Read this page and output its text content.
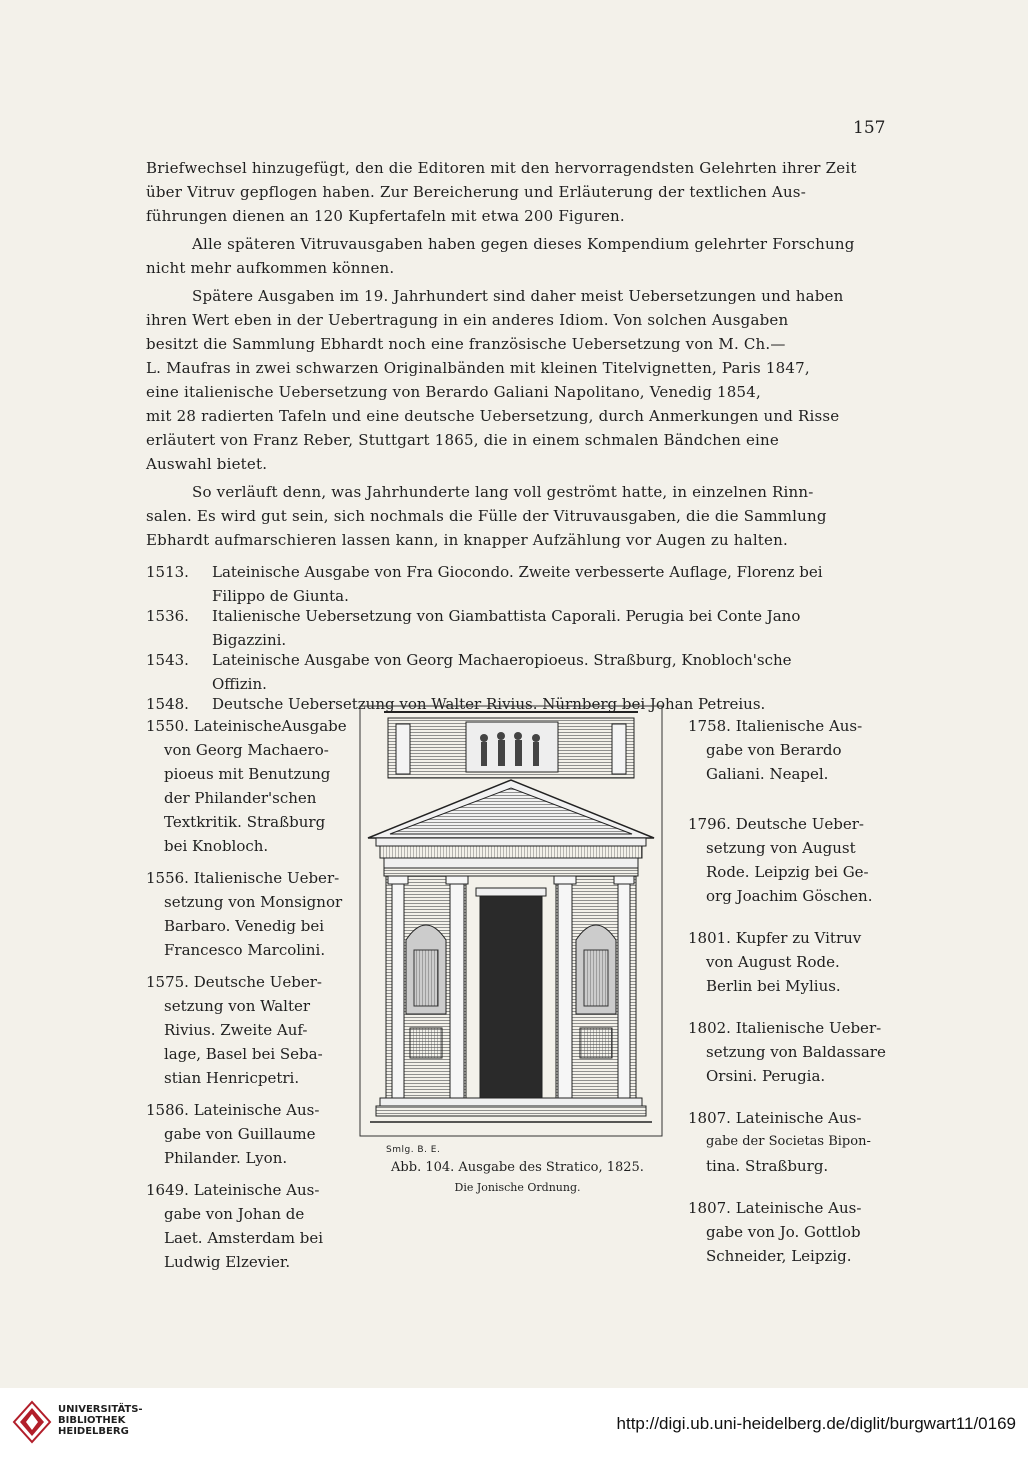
157
Briefwechsel hinzugefügt, den die Editoren mit den hervorragendsten Gelehrten ihrer Zeit
über Vitruv gepflogen haben. Zur Bereicherung und Erläuterung der textlichen Aus-
führungen dienen an 120 Kupfertafeln mit etwa 200 Figuren.
Alle späteren Vitruvausgaben haben gegen dieses Kompendium gelehrter Forschung
nicht mehr aufkommen können.
Spätere Ausgaben im 19. Jahrhundert sind daher meist Uebersetzungen und haben
ihren Wert eben in der Uebertragung in ein anderes Idiom. Von solchen Ausgaben
besitzt die Sammlung Ebhardt noch eine französische Uebersetzung von M. Ch.—
L. Maufras in zwei schwarzen Originalbänden mit kleinen Titelvignetten, Paris 1847,
eine italienische Uebersetzung von Berardo Galiani Napolitano, Venedig 1854,
mit 28 radierten Tafeln und eine deutsche Uebersetzung, durch Anmerkungen und Risse
erläutert von Franz Reber, Stuttgart 1865, die in einem schmalen Bändchen eine
Auswahl bietet.
So verläuft denn, was Jahrhunderte lang voll geströmt hatte, in einzelnen Rinn-
salen. Es wird gut sein, sich nochmals die Fülle der Vitruvausgaben, die die Sammlung
Ebhardt aufmarschieren lassen kann, in knapper Aufzählung vor Augen zu halten.
1513. Lateinische Ausgabe von Fra Giocondo. Zweite verbesserte Auflage, Florenz bei
Filippo de Giunta.
1536. Italienische Uebersetzung von Giambattista Caporali. Perugia bei Conte Jano
Bigazzini.
1543. Lateinische Ausgabe von Georg Machaeropioeus. Straßburg, Knobloch'sche
Offizin.
1548. Deutsche Uebersetzung von Walter Rivius. Nürnberg bei Johan Petreius.
1550. LateinischeAusgabe
von Georg Machaero-
pioeus mit Benutzung
der Philander'schen
Textkritik. Straßburg
bei Knobloch.
1556. Italienische Ueber-
setzung von Monsignor
Barbaro. Venedig bei
Francesco Marcolini.
1575. Deutsche Ueber-
setzung von Walter
Rivius. Zweite Auf-
lage, Basel bei Seba-
stian Henricpetri.
1586. Lateinische Aus-
gabe von Guillaume
Philander. Lyon.
1649. Lateinische Aus-
gabe von Johan de
Laet. Amsterdam bei
Ludwig Elzevier.
1758. Italienische Aus-
gabe von Berardo
Galiani. Neapel.
1796. Deutsche Ueber-
setzung von August
Rode. Leipzig bei Ge-
org Joachim Göschen.
1801. Kupfer zu Vitruv
von August Rode.
Berlin bei Mylius.
1802. Italienische Ueber-
setzung von Baldassare
Orsini. Perugia.
1807. Lateinische Aus-
gabe der Societas Bipon-
tina. Straßburg.
1807. Lateinische Aus-
gabe von Jo. Gottlob
Schneider, Leipzig.
Smlg. B. E.
Abb. 104. Ausgabe des Stratico, 1825.
Die Jonische Ordnung.
UNIVERSITÄTS-
BIBLIOTHEK
HEIDELBERG	http://digi.ub.uni-heidelberg.de/diglit/burgwart11/0169
